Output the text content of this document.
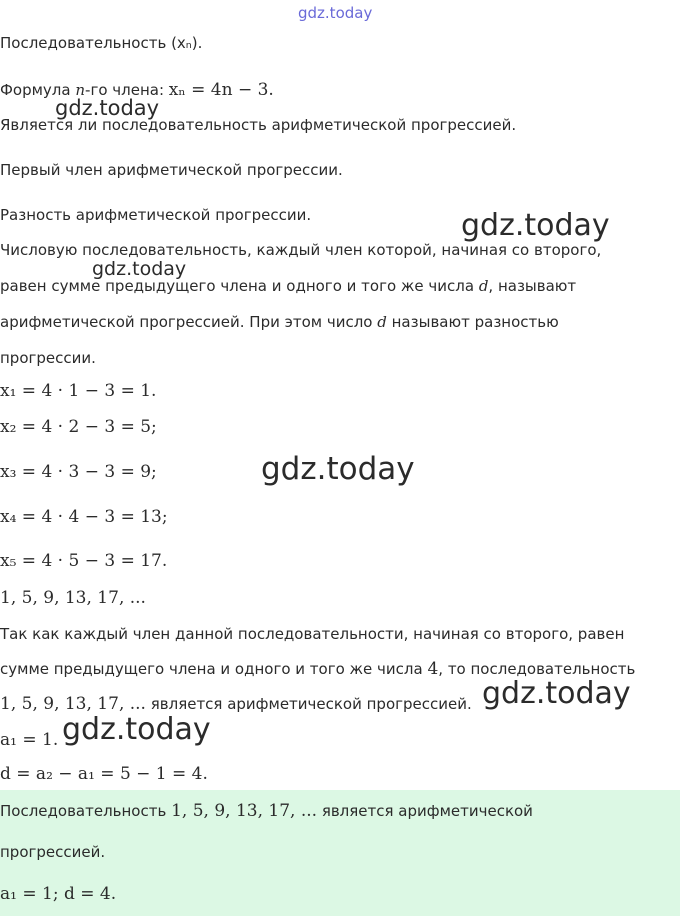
Последовательность (xₙ).
Формула n-го члена: xₙ = 4n − 3.
Является ли последовательность арифметической прогрессией.
Первый член арифметической прогрессии.
Разность арифметической прогрессии.
Числовую последовательность, каждый член которой, начиная со второго,
равен сумме предыдущего члена и одного и того же числа d, называют
арифметической прогрессией. При этом число d называют разностью
прогрессии.
x₁ = 4 · 1 − 3 = 1.
x₂ = 4 · 2 − 3 = 5;
x₃ = 4 · 3 − 3 = 9;
x₄ = 4 · 4 − 3 = 13;
x₅ = 4 · 5 − 3 = 17.
1, 5, 9, 13, 17, ...
Так как каждый член данной последовательности, начиная со второго, равен
сумме предыдущего члена и одного и того же числа 4, то последовательность
1, 5, 9, 13, 17, ... является арифметической прогрессией.
a₁ = 1.
d = a₂ − a₁ = 5 − 1 = 4.
Последовательность 1, 5, 9, 13, 17, ... является арифметической
прогрессией.
a₁ = 1; d = 4.
gdz.today
gdz.today
gdz.today
gdz.today
gdz.today
gdz.today
gdz.today
